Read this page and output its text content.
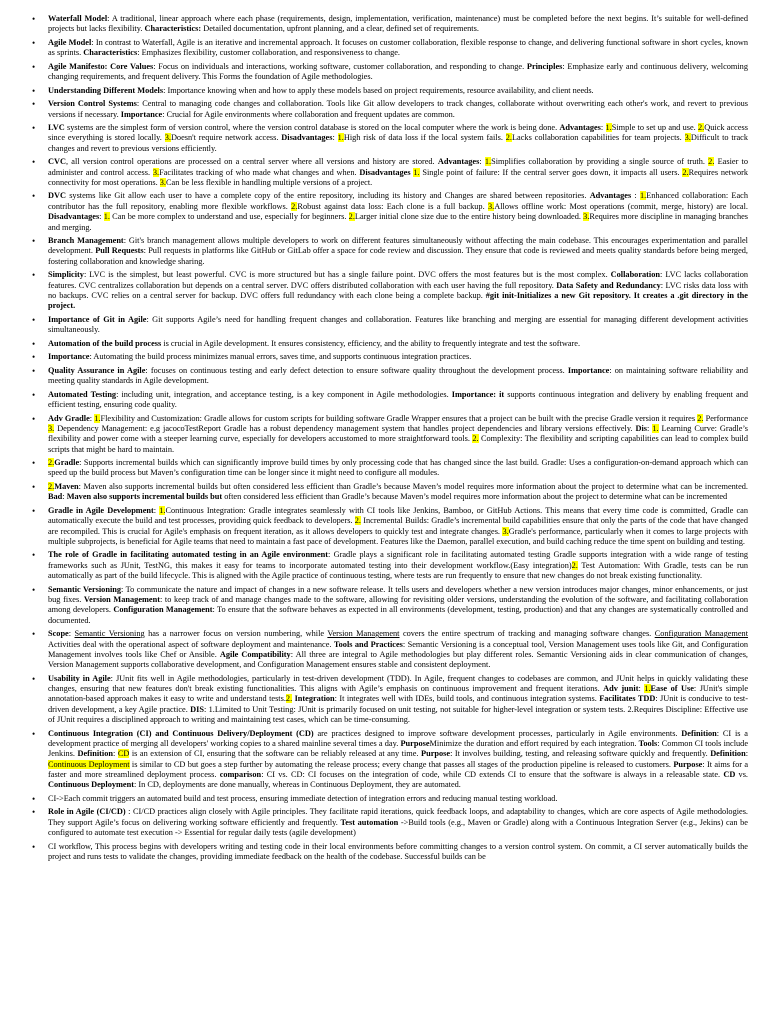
• Waterfall Model: A traditional, linear approach where each phase (requirements, design, implementation, verification, maintenance) must be completed before the next begins. It’s suitable for well-defined projects but lacks flexibility. Characteristics: Detailed documentation, upfront planning, and a clear, defined set of requirements.
• Agile Model: In contrast to Waterfall, Agile is an iterative and incremental approach. It focuses on customer collaboration, flexible response to change, and delivering functional software in short cycles, known as sprints. Characteristics: Emphasizes flexibility, customer collaboration, and responsiveness to change.
• Agile Manifesto: Core Values: Focus on individuals and interactions, working software, customer collaboration, and responding to change. Principles: Emphasize early and continuous delivery, welcoming changing requirements, and frequent delivery. This Forms the foundation of Agile methodologies.
• Understanding Different Models: Importance knowing when and how to apply these models based on project requirements, resource availability, and client needs.
• Version Control Systems: Central to managing code changes and collaboration. Tools like Git allow developers to track changes, collaborate without overwriting each other's work, and revert to previous versions if necessary. Importance: Crucial for Agile environments where collaboration and frequent updates are common.
• LVC systems are the simplest form of version control, where the version control database is stored on the local computer where the work is being done. Advantages: 1.Simple to set up and use. 2.Quick access since everything is stored locally. 3.Doesn't require network access. Disadvantages: 1.High risk of data loss if the local system fails. 2.Lacks collaboration capabilities for team projects. 3.Difficult to track changes and revert to previous versions efficiently.
• CVC, all version control operations are processed on a central server where all versions and history are stored. Advantages: 1.Simplifies collaboration by providing a single source of truth. 2. Easier to administer and control access. 3.Facilitates tracking of who made what changes and when. Disadvantages 1. Single point of failure: If the central server goes down, it impacts all users. 2.Requires network connectivity for most operations. 3.Can be less flexible in handling multiple versions of a project.
• DVC systems like Git allow each user to have a complete copy of the entire repository, including its history and Changes are shared between repositories. Advantages : 1.Enhanced collaboration: Each contributor has the full repository, enabling more flexible workflows. 2.Robust against data loss: Each clone is a full backup. 3.Allows offline work: Most operations (commit, merge, history) are local. Disadvantages: 1. Can be more complex to understand and use, especially for beginners. 2.Larger initial clone size due to the entire history being downloaded. 3.Requires more discipline in managing branches and merging.
• Branch Management: Git's branch management allows multiple developers to work on different features simultaneously without affecting the main codebase. This encourages experimentation and parallel development. Pull Requests: Pull requests in platforms like GitHub or GitLab offer a space for code review and discussion. They ensure that code is reviewed and meets quality standards before being merged, fostering collaboration and knowledge sharing.
• Simplicity: LVC is the simplest, but least powerful. CVC is more structured but has a single failure point. DVC offers the most features but is the most complex. Collaboration: LVC lacks collaboration features. CVC centralizes collaboration but depends on a central server. DVC offers distributed collaboration with each user having the full repository. Data Safety and Redundancy: LVC risks data loss with no backups. CVC relies on a central server for backup. DVC offers full redundancy with each clone being a complete backup. #git init-Initializes a new Git repository. It creates a .git directory in the project.
• Importance of Git in Agile: Git supports Agile’s need for handling frequent changes and collaboration. Features like branching and merging are essential for managing different development activities simultaneously.
• Automation of the build process is crucial in Agile development. It ensures consistency, efficiency, and the ability to frequently integrate and test the software.
• Importance: Automating the build process minimizes manual errors, saves time, and supports continuous integration practices.
• Quality Assurance in Agile: focuses on continuous testing and early defect detection to ensure software quality throughout the development process. Importance: on maintaining software reliability and meeting quality standards in Agile development.
• Automated Testing: including unit, integration, and acceptance testing, is a key component in Agile methodologies. Importance: it supports continuous integration and delivery by enabling frequent and efficient testing, ensuring code quality.
• Adv Gradle: 1.Flexibility and Customization: Gradle allows for custom scripts for building software Gradle Wrapper ensures that a project can be built with the precise Gradle version it requires 2. Performance 3. Dependency Management: e.g jacocoTestReport Gradle has a robust dependency management system that handles project dependencies and library versions effectively. Dis: 1. Learning Curve: Gradle’s flexibility and power come with a steeper learning curve, especially for developers accustomed to more straightforward tools. 2. Complexity: The flexibility and scripting capabilities can lead to complex build scripts that might be hard to maintain.
• 2.Gradle: Supports incremental builds which can significantly improve build times by only processing code that has changed since the last build. Gradle: Uses a configuration-on-demand approach which can speed up the build process but Maven’s configuration time can be longer since it might need to configure all modules.
• 2.Maven: Maven also supports incremental builds but often considered less efficient than Gradle’s because Maven’s model requires more information about the project to determine what can be incremented. Bad: Maven also supports incremental builds but often considered less efficient than Gradle’s because Maven’s model requires more information about the project to determine what can be incremented
• Gradle in Agile Development: 1.Continuous Integration: Gradle integrates seamlessly with CI tools like Jenkins, Bamboo, or GitHub Actions. This means that every time code is committed, Gradle can automatically execute the build and test processes, providing quick feedback to developers. 2. Incremental Builds: Gradle’s incremental build capabilities ensure that only the parts of the code that have changed are recompiled. This is crucial for Agile's emphasis on frequent iteration, as it allows developers to quickly test and integrate changes. 3.Gradle's performance, particularly when it comes to large projects with multiple subprojects, is beneficial for Agile teams that need to maintain a fast pace of development. Features like the Daemon, parallel execution, and build caching reduce the time spent on building and testing.
• The role of Gradle in facilitating automated testing in an Agile environment: Gradle plays a significant role in facilitating automated testing Gradle supports integration with a wide range of testing frameworks such as JUnit, TestNG, this makes it easy for teams to incorporate automated testing into their development workflow.(Easy integration)2. Test Automation: With Gradle, tests can be run automatically as part of the build lifecycle. This is aligned with the Agile practice of continuous testing, where tests are run frequently to ensure that new changes do not break existing functionality.
• Semantic Versioning: To communicate the nature and impact of changes in a new software release. It tells users and developers whether a new version introduces major changes, minor enhancements, or just bug fixes. Version Management: to keep track of and manage changes made to the software, allowing for revisiting older versions, understanding the evolution of the software, and facilitating collaboration among developers. Configuration Management: To ensure that the software behaves as expected in all environments (development, testing, production) and that any changes are systematically controlled and documented.
• Scope: Semantic Versioning has a narrower focus on version numbering, while Version Management covers the entire spectrum of tracking and managing software changes. Configuration Management Activities deal with the operational aspect of software deployment and maintenance. Tools and Practices: Semantic Versioning is a conceptual tool, Version Management uses tools like Git, and Configuration Management involves tools like Chef or Ansible. Agile Compatibility: All three are integral to Agile methodologies but play different roles. Semantic Versioning aids in clear communication of changes, Version Management supports collaborative development, and Configuration Management ensures stable and consistent deployment.
• Usability in Agile: JUnit fits well in Agile methodologies, particularly in test-driven development (TDD). In Agile, frequent changes to codebases are common, and JUnit helps in quickly validating these changes, ensuring that new features don't break existing functionalities. This aligns with Agile’s emphasis on continuous improvement and frequent iterations. Adv junit: 1.Ease of Use: JUnit's simple annotation-based approach makes it easy to write and understand tests.2. Integration: It integrates well with IDEs, build tools, and continuous integration systems. Facilitates TDD: JUnit is conducive to test-driven development, a key Agile practice. DIS: 1.Limited to Unit Testing: JUnit is primarily focused on unit testing, not suitable for higher-level integration or system tests. 2.Requires Discipline: Effective use of JUnit requires a disciplined approach to writing and maintaining test cases, which can be time-consuming.
• Continuous Integration (CI) and Continuous Delivery/Deployment (CD) are practices designed to improve software development processes, particularly in Agile environments. Definition: CI is a development practice of merging all developers' working copies to a shared mainline several times a day. PurposeMinimize the duration and effort required by each integration. Tools: Common CI tools include Jenkins. Definition: CD is an extension of CI, ensuring that the software can be reliably released at any time. Purpose: It involves building, testing, and releasing software quickly and frequently. Definition: Continuous Deployment is similar to CD but goes a step further by automating the release process; every change that passes all stages of the production pipeline is released to customers. Purpose: It aims for a faster and more streamlined deployment process. comparison: CI vs. CD: CI focuses on the integration of code, while CD extends CI to ensure that the software is always in a releasable state. CD vs. Continuous Deployment: In CD, deployments are done manually, whereas in Continuous Deployment, they are automated.
• CI->Each commit triggers an automated build and test process, ensuring immediate detection of integration errors and reducing manual testing workload.
• Role in Agile (CI/CD) : CI/CD practices align closely with Agile principles. They facilitate rapid iterations, quick feedback loops, and adaptability to changes, which are core aspects of Agile methodologies. They support Agile’s focus on delivering working software efficiently and frequently. Test automation ->Build tools (e.g., Maven or Gradle) along with a Continuous Integration Server (e.g., Jekins) can be configured to automate test execution -> Essential for regular daily tests (agile development)
• CI workflow, This process begins with developers writing and testing code in their local environments before committing changes to a version control system. On commit, a CI server automatically builds the project and runs tests to validate the changes, providing immediate feedback on the health of the codebase. Successful builds can be
